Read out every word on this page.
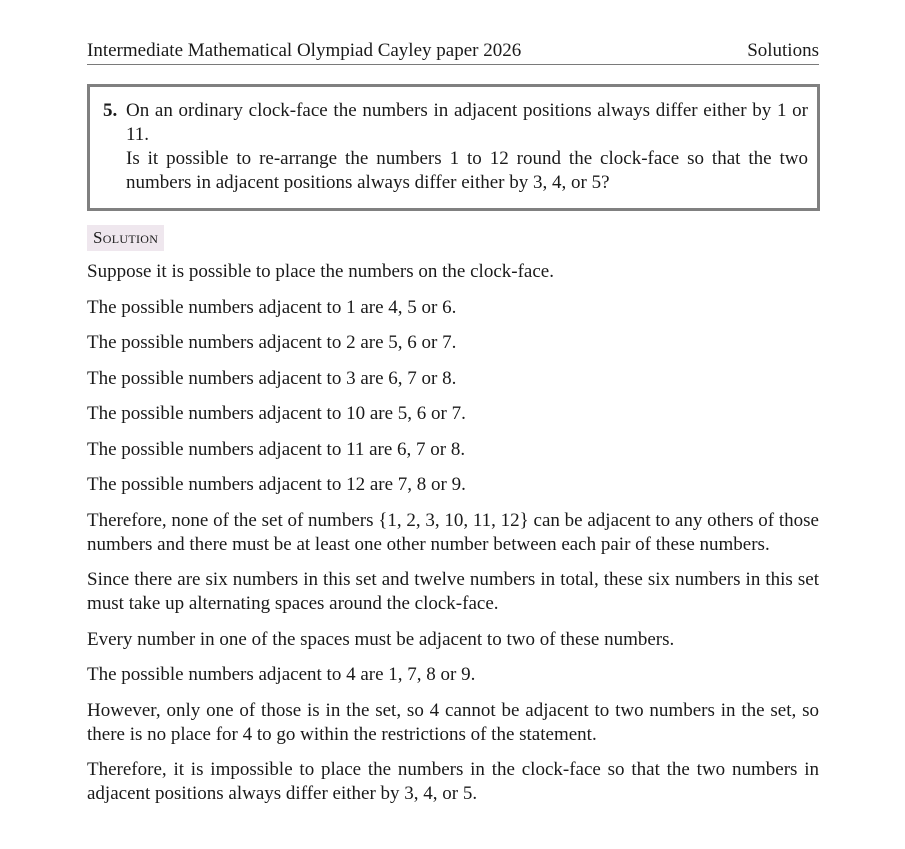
Intermediate Mathematical Olympiad Cayley paper 2026	Solutions
5. On an ordinary clock-face the numbers in adjacent positions always differ either by 1 or 11.

Is it possible to re-arrange the numbers 1 to 12 round the clock-face so that the two numbers in adjacent positions always differ either by 3, 4, or 5?

Solution

Suppose it is possible to place the numbers on the clock-face.

The possible numbers adjacent to 1 are 4, 5 or 6.

The possible numbers adjacent to 2 are 5, 6 or 7.

The possible numbers adjacent to 3 are 6, 7 or 8.

The possible numbers adjacent to 10 are 5, 6 or 7.

The possible numbers adjacent to 11 are 6, 7 or 8.

The possible numbers adjacent to 12 are 7, 8 or 9.

Therefore, none of the set of numbers {1, 2, 3, 10, 11, 12} can be adjacent to any others of those numbers and there must be at least one other number between each pair of these numbers.

Since there are six numbers in this set and twelve numbers in total, these six numbers in this set must take up alternating spaces around the clock-face.

Every number in one of the spaces must be adjacent to two of these numbers.

The possible numbers adjacent to 4 are 1, 7, 8 or 9.

However, only one of those is in the set, so 4 cannot be adjacent to two numbers in the set, so there is no place for 4 to go within the restrictions of the statement.

Therefore, it is impossible to place the numbers in the clock-face so that the two numbers in adjacent positions always differ either by 3, 4, or 5.
